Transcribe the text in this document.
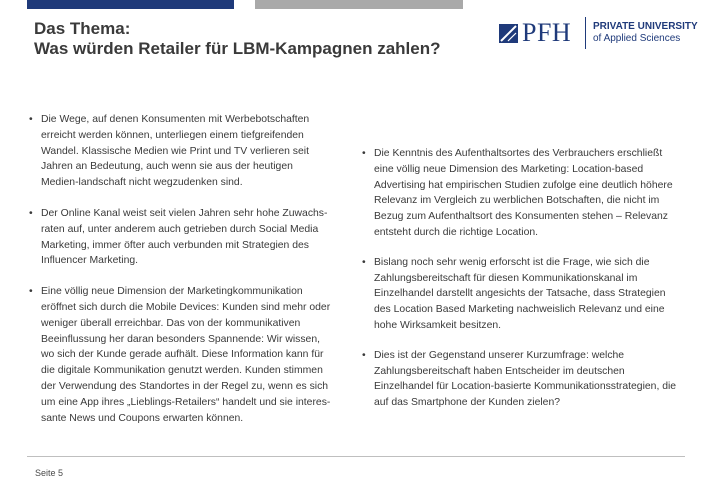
Das Thema:
Was würden Retailer für LBM-Kampagnen zahlen?
PFH PRIVATE UNIVERSITY
of Applied Sciences
• Die Wege, auf denen Konsumenten mit Werbebotschaften erreicht werden können, unterliegen einem tiefgreifenden Wandel. Klassische Medien wie Print und TV verlieren seit Jahren an Bedeutung, auch wenn sie aus der heutigen Medien-landschaft nicht wegzudenken sind.
• Der Online Kanal weist seit vielen Jahren sehr hohe Zuwachs-raten auf, unter anderem auch getrieben durch Social Media Marketing, immer öfter auch verbunden mit Strategien des Influencer Marketing.
• Eine völlig neue Dimension der Marketingkommunikation eröffnet sich durch die Mobile Devices: Kunden sind mehr oder weniger überall erreichbar. Das von der kommunikativen Beeinflussung her daran besonders Spannende: Wir wissen, wo sich der Kunde gerade aufhält. Diese Information kann für die digitale Kommunikation genutzt werden. Kunden stimmen der Verwendung des Standortes in der Regel zu, wenn es sich um eine App ihres „Lieblings-Retailers“ handelt und sie interes-sante News und Coupons erwarten können.
• Die Kenntnis des Aufenthaltsortes des Verbrauchers erschließt eine völlig neue Dimension des Marketing: Location-based Advertising hat empirischen Studien zufolge eine deutlich höhere Relevanz im Vergleich zu werblichen Botschaften, die nicht im Bezug zum Aufenthaltsort des Konsumenten stehen – Relevanz entsteht durch die richtige Location.
• Bislang noch sehr wenig erforscht ist die Frage, wie sich die Zahlungsbereitschaft für diesen Kommunikationskanal im Einzelhandel darstellt angesichts der Tatsache, dass Strategien des Location Based Marketing nachweislich Relevanz und eine hohe Wirksamkeit besitzen.
• Dies ist der Gegenstand unserer Kurzumfrage: welche Zahlungsbereitschaft haben Entscheider im deutschen Einzelhandel für Location-basierte Kommunikationsstrategien, die auf das Smartphone der Kunden zielen?
Seite 5
